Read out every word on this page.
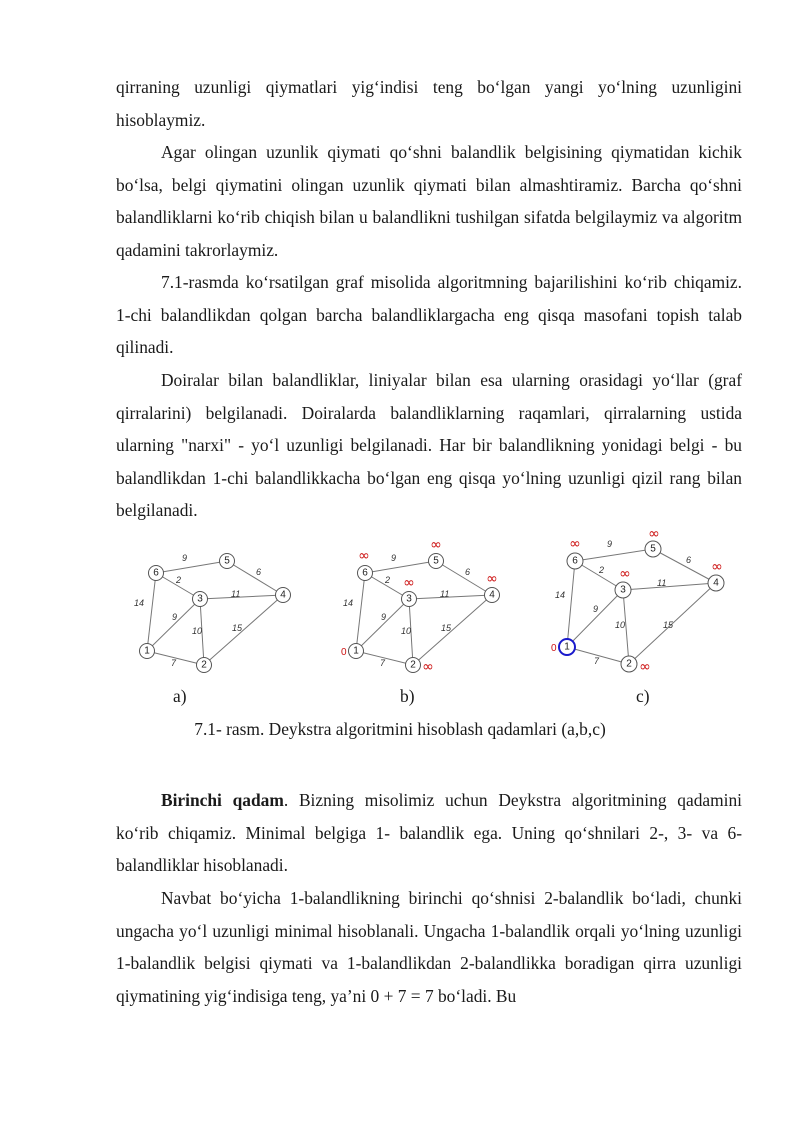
qirraning uzunligi qiymatlari yig‘indisi teng bo‘lgan yangi yo‘lning uzunligini hisoblaymiz.

Agar olingan uzunlik qiymati qo‘shni balandlik belgisining qiymatidan kichik bo‘lsa, belgi qiymatini olingan uzunlik qiymati bilan almashtiramiz. Barcha qo‘shni balandliklarni ko‘rib chiqish bilan u balandlikni tushilgan sifatda belgilaymiz va algoritm qadamini takrorlaymiz.

7.1-rasmda ko‘rsatilgan graf misolida algoritmning bajarilishini ko‘rib chiqamiz. 1-chi balandlikdan qolgan barcha balandliklargacha eng qisqa masofani topish talab qilinadi.

Doiralar bilan balandliklar, liniyalar bilan esa ularning orasidagi yo‘llar (graf qirralarini) belgilanadi. Doiralarda balandliklarning raqamlari, qirralarning ustida ularning "narxi" - yo‘l uzunligi belgilanadi. Har bir balandlikning yonidagi belgi - bu balandlikdan 1-chi balandlikkacha bo‘lgan eng qisqa yo‘lning uzunligi qizil rang bilan belgilanadi.

1
2
3	4
5
6
9
2
6
14
9
11
10	15
7
1
2
3	4
5
6
9
2
6
14
9
11
10	15
7
∞
∞
∞	∞
∞
0	1
2
3
4
5
6
9
2
6
14
9
11
10	15
7
∞
∞
∞	∞
∞
0
a)	b)	c)
7.1- rasm. Deykstra algoritmini hisoblash qadamlari (a,b,c)

Birinchi qadam. Bizning misolimiz uchun Deykstra algoritmining qadamini ko‘rib chiqamiz. Minimal belgiga 1- balandlik ega. Uning qo‘shnilari 2-, 3- va 6- balandliklar hisoblanadi.

Navbat bo‘yicha 1-balandlikning birinchi qo‘shnisi 2-balandlik bo‘ladi, chunki ungacha yo‘l uzunligi minimal hisoblanali. Ungacha 1-balandlik orqali yo‘lning uzunligi 1-balandlik belgisi qiymati va 1-balandlikdan 2-balandlikka boradigan qirra uzunligi qiymatining yig‘indisiga teng, ya’ni 0 + 7 = 7 bo‘ladi. Bu
